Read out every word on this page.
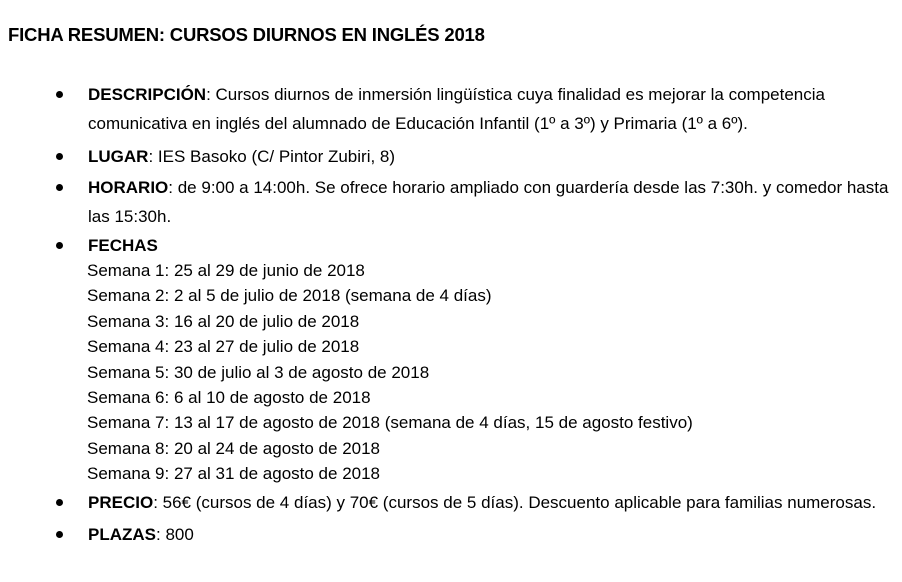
FICHA RESUMEN: CURSOS DIURNOS EN INGLÉS 2018
DESCRIPCIÓN: Cursos diurnos de inmersión lingüística cuya finalidad es mejorar la competencia comunicativa en inglés del alumnado de Educación Infantil (1º a 3º) y Primaria (1º a 6º).
LUGAR: IES Basoko (C/ Pintor Zubiri, 8)
HORARIO: de 9:00 a 14:00h. Se ofrece horario ampliado con guardería desde las 7:30h. y comedor hasta las 15:30h.
FECHAS
Semana 1: 25 al 29 de junio de 2018
Semana 2: 2 al 5 de julio de 2018 (semana de 4 días)
Semana 3: 16 al 20 de julio de 2018
Semana 4: 23 al 27 de julio de 2018
Semana 5: 30 de julio al 3 de agosto de 2018
Semana 6: 6 al 10 de agosto de 2018
Semana 7: 13 al 17 de agosto de 2018 (semana de 4 días, 15 de agosto festivo)
Semana 8: 20 al 24 de agosto de 2018
Semana 9: 27 al 31 de agosto de 2018
PRECIO: 56€ (cursos de 4 días) y 70€ (cursos de 5 días). Descuento aplicable para familias numerosas.
PLAZAS: 800
